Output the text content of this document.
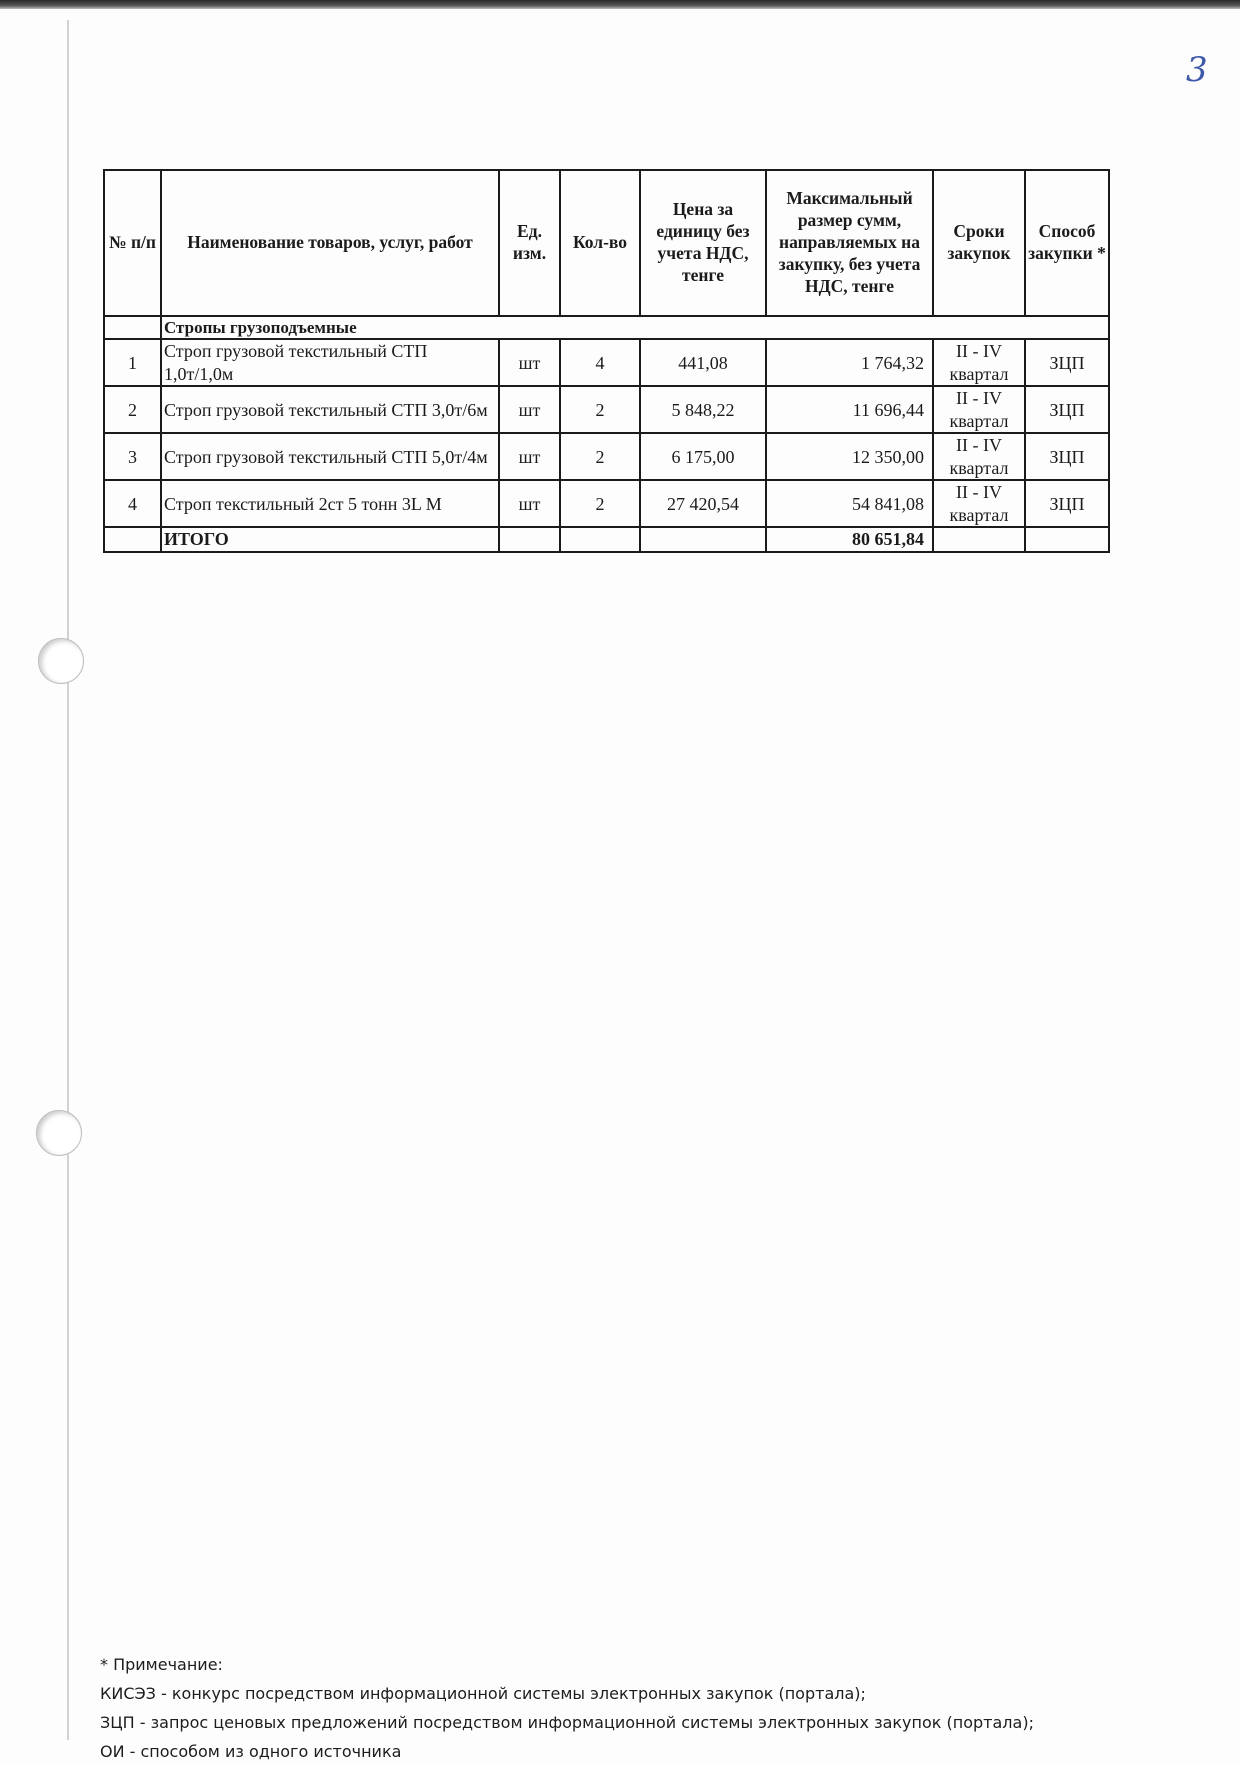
3
№ п/п	Наименование товаров, услуг, работ	Ед. изм.	Кол-во	Цена за единицу без учета НДС, тенге	Максимальный размер сумм, направляемых на закупку, без учета НДС, тенге	Сроки закупок	Способ закупки *
	Стропы грузоподъемные						
1	Строп грузовой текстильный СТП 1,0т/1,0м	шт	4	441,08	1 764,32	II - IV квартал	ЗЦП
2	Строп грузовой текстильный СТП 3,0т/6м	шт	2	5 848,22	11 696,44	II - IV квартал	ЗЦП
3	Строп грузовой текстильный СТП 5,0т/4м	шт	2	6 175,00	12 350,00	II - IV квартал	ЗЦП
4	Строп текстильный 2ст 5 тонн 3L M	шт	2	27 420,54	54 841,08	II - IV квартал	ЗЦП
	ИТОГО				80 651,84		
* Примечание:
КИСЭЗ - конкурс посредством информационной системы электронных закупок (портала);
ЗЦП - запрос ценовых предложений посредством информационной системы электронных закупок (портала);
ОИ - способом из одного источника
